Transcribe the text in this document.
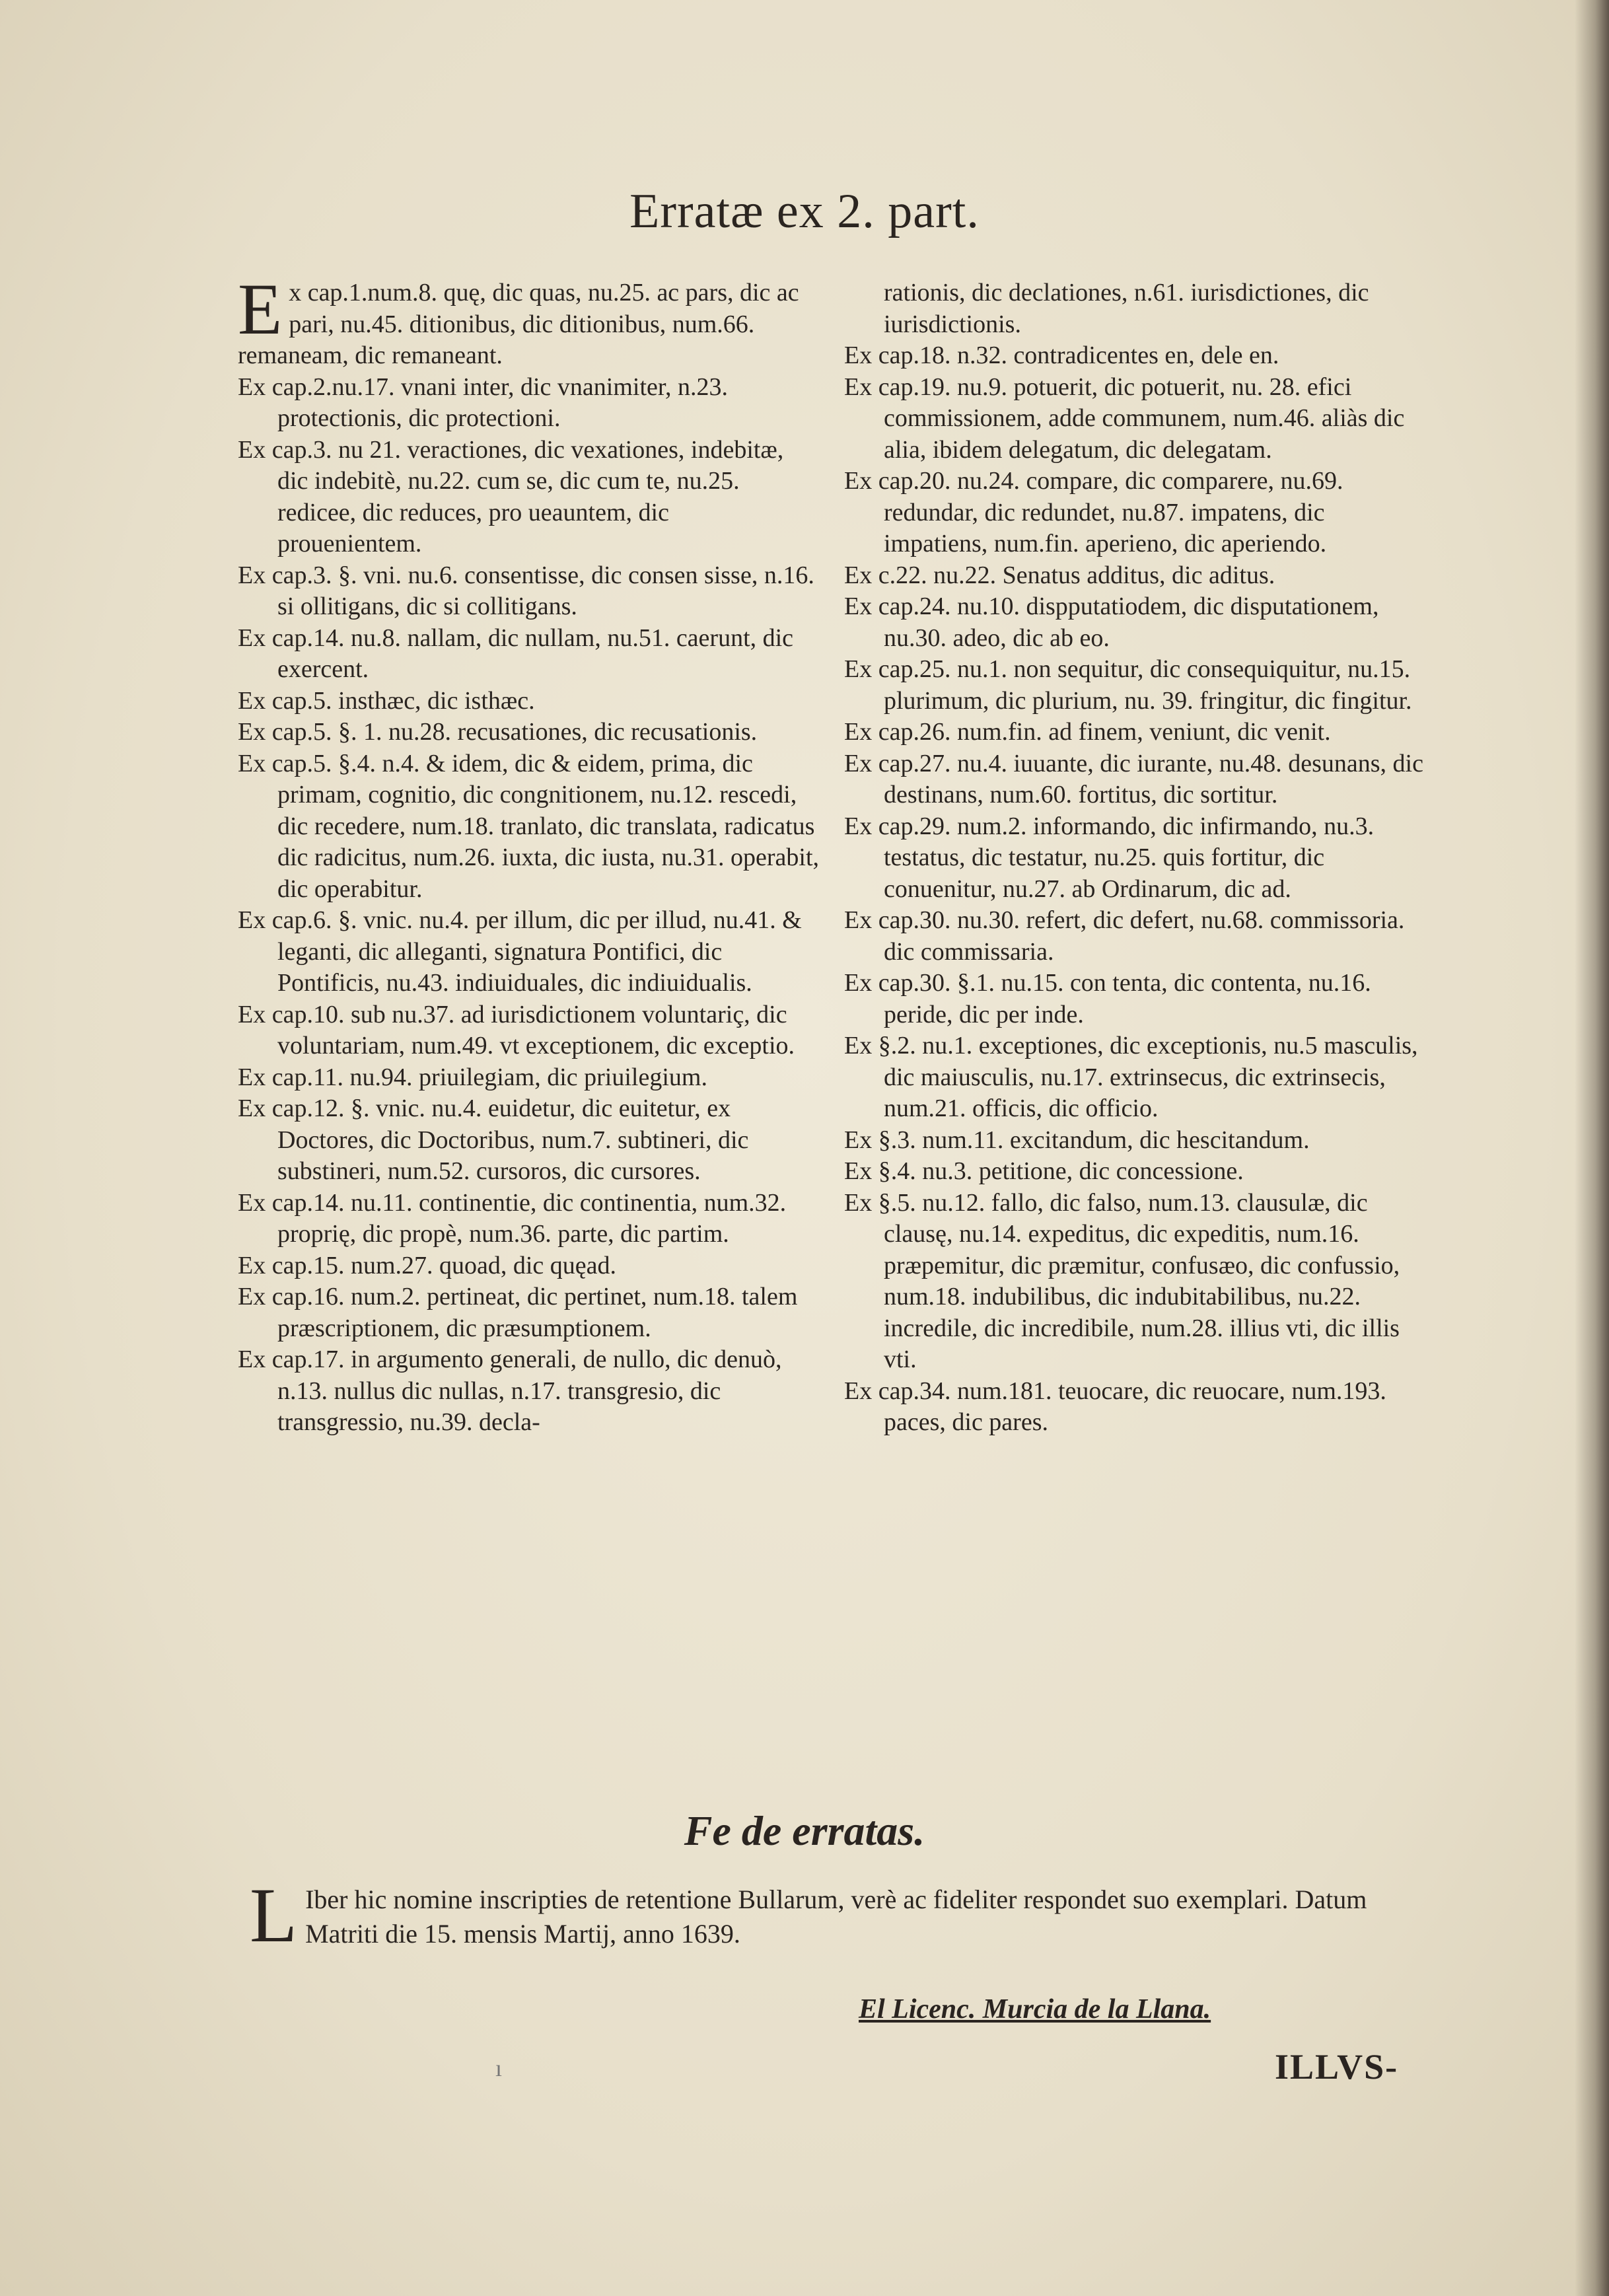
Erratæ ex 2. part.

Ex cap.1.num.8. quę, dic quas, nu.25. ac pars, dic ac pari, nu.45. ditionibus, dic ditionibus, num.66. remaneam, dic remaneant.

Ex cap.2.nu.17. vnani inter, dic vnanimiter, n.23. protectionis, dic protectioni.

Ex cap.3. nu 21. veractiones, dic vexationes, indebitæ, dic indebitè, nu.22. cum se, dic cum te, nu.25. redicee, dic reduces, pro ueauntem, dic prouenientem.

Ex cap.3. §. vni. nu.6. consentisse, dic consen sisse, n.16. si ollitigans, dic si collitigans.

Ex cap.14. nu.8. nallam, dic nullam, nu.51. caerunt, dic exercent.

Ex cap.5. insthæc, dic isthæc.

Ex cap.5. §. 1. nu.28. recusationes, dic recusationis.

Ex cap.5. §.4. n.4. & idem, dic & eidem, prima, dic primam, cognitio, dic congnitionem, nu.12. rescedi, dic recedere, num.18. tranlato, dic translata, radicatus dic radicitus, num.26. iuxta, dic iusta, nu.31. operabit, dic operabitur.

Ex cap.6. §. vnic. nu.4. per illum, dic per illud, nu.41. & leganti, dic alleganti, signatura Pontifici, dic Pontificis, nu.43. indiuiduales, dic indiuidualis.

Ex cap.10. sub nu.37. ad iurisdictionem voluntariç, dic voluntariam, num.49. vt exceptionem, dic exceptio.

Ex cap.11. nu.94. priuilegiam, dic priuilegium.

Ex cap.12. §. vnic. nu.4. euidetur, dic euitetur, ex Doctores, dic Doctoribus, num.7. subtineri, dic substineri, num.52. cursoros, dic cursores.

Ex cap.14. nu.11. continentie, dic continentia, num.32. proprię, dic propè, num.36. parte, dic partim.

Ex cap.15. num.27. quoad, dic quęad.

Ex cap.16. num.2. pertineat, dic pertinet, num.18. talem præscriptionem, dic præsumptionem.

Ex cap.17. in argumento generali, de nullo, dic denuò, n.13. nullus dic nullas, n.17. transgresio, dic transgressio, nu.39. decla-

rationis, dic declationes, n.61. iurisdictiones, dic iurisdictionis.

Ex cap.18. n.32. contradicentes en, dele en.

Ex cap.19. nu.9. potuerit, dic potuerit, nu. 28. efici commissionem, adde communem, num.46. aliàs dic alia, ibidem delegatum, dic delegatam.

Ex cap.20. nu.24. compare, dic comparere, nu.69. redundar, dic redundet, nu.87. impatens, dic impatiens, num.fin. aperieno, dic aperiendo.

Ex c.22. nu.22. Senatus additus, dic aditus.

Ex cap.24. nu.10. dispputatiodem, dic disputationem, nu.30. adeo, dic ab eo.

Ex cap.25. nu.1. non sequitur, dic consequiquitur, nu.15. plurimum, dic plurium, nu. 39. fringitur, dic fingitur.

Ex cap.26. num.fin. ad finem, veniunt, dic venit.

Ex cap.27. nu.4. iuuante, dic iurante, nu.48. desunans, dic destinans, num.60. fortitus, dic sortitur.

Ex cap.29. num.2. informando, dic infirmando, nu.3. testatus, dic testatur, nu.25. quis fortitur, dic conuenitur, nu.27. ab Ordinarum, dic ad.

Ex cap.30. nu.30. refert, dic defert, nu.68. commissoria. dic commissaria.

Ex cap.30. §.1. nu.15. con tenta, dic contenta, nu.16. peride, dic per inde.

Ex §.2. nu.1. exceptiones, dic exceptionis, nu.5 masculis, dic maiusculis, nu.17. extrinsecus, dic extrinsecis, num.21. officis, dic officio.

Ex §.3. num.11. excitandum, dic hescitandum.

Ex §.4. nu.3. petitione, dic concessione.

Ex §.5. nu.12. fallo, dic falso, num.13. clausulæ, dic clausę, nu.14. expeditus, dic expeditis, num.16. præpemitur, dic præmitur, confusæo, dic confussio, num.18. indubilibus, dic indubitabilibus, nu.22. incredile, dic incredibile, num.28. illius vti, dic illis vti.

Ex cap.34. num.181. teuocare, dic reuocare, num.193. paces, dic pares.

Fe de erratas.
L Iber hic nomine inscripties de retentione Bullarum, verè ac fideliter respondet suo exemplari. Datum Matriti die 15. mensis Martij, anno 1639.
El Licenc. Murcia de la Llana.
ı	ILLVS-
